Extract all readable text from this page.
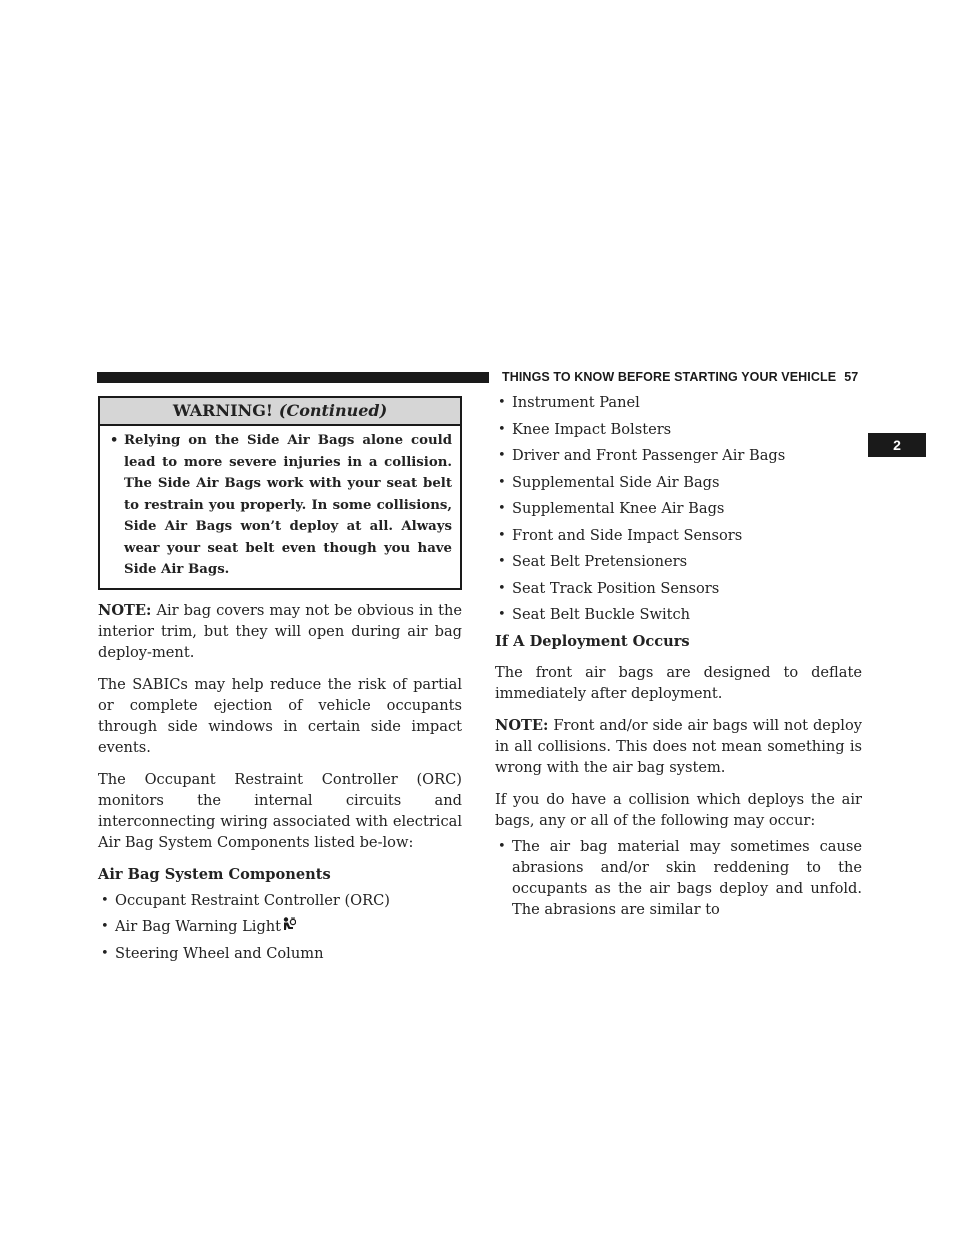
THINGS TO KNOW BEFORE STARTING YOUR VEHICLE 57
2
WARNING! (Continued)
• Relying on the Side Air Bags alone could lead to more severe injuries in a collision. The Side Air Bags work with your seat belt to restrain you properly. In some collisions, Side Air Bags won’t deploy at all. Always wear your seat belt even though you have Side Air Bags.

NOTE: Air bag covers may not be obvious in the interior trim, but they will open during air bag deploy-ment.

The SABICs may help reduce the risk of partial or complete ejection of vehicle occupants through side windows in certain side impact events.

The Occupant Restraint Controller (ORC) monitors the internal circuits and interconnecting wiring associated with electrical Air Bag System Components listed be-low:

Air Bag System Components
• Occupant Restraint Controller (ORC)
• Air Bag Warning Light
• Steering Wheel and Column
• Instrument Panel
• Knee Impact Bolsters
• Driver and Front Passenger Air Bags
• Supplemental Side Air Bags
• Supplemental Knee Air Bags
• Front and Side Impact Sensors
• Seat Belt Pretensioners
• Seat Track Position Sensors
• Seat Belt Buckle Switch
If A Deployment Occurs

The front air bags are designed to deflate immediately after deployment.

NOTE: Front and/or side air bags will not deploy in all collisions. This does not mean something is wrong with the air bag system.

If you do have a collision which deploys the air bags, any or all of the following may occur:

• The air bag material may sometimes cause abrasions and/or skin reddening to the occupants as the air bags deploy and unfold. The abrasions are similar to
